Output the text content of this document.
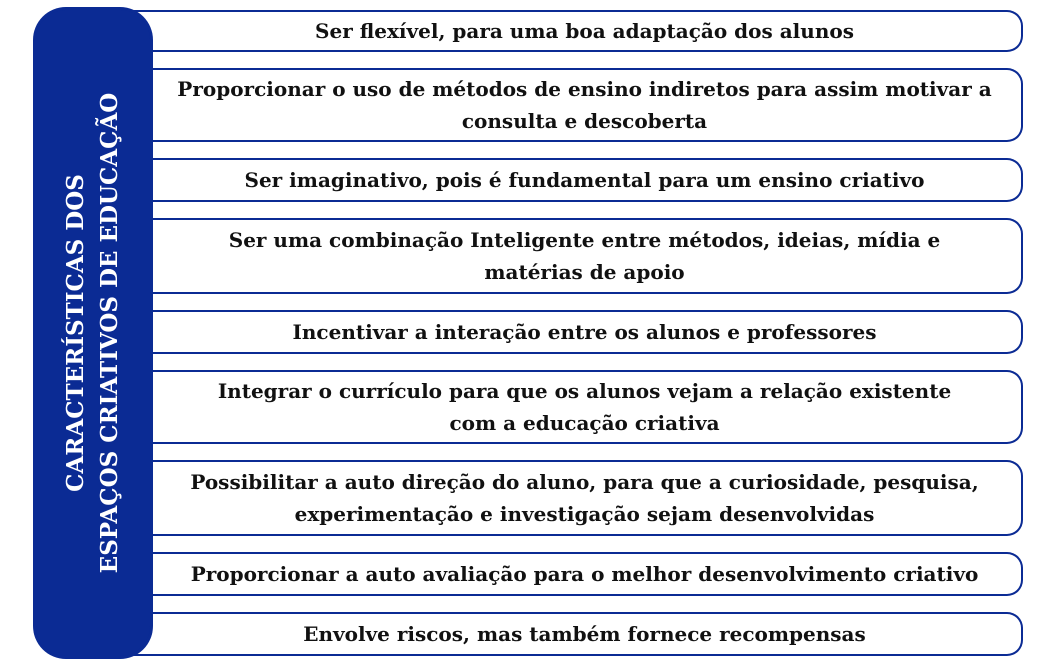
Ser flexível, para uma boa adaptação dos alunos
Proporcionar o uso de métodos de ensino indiretos para assim motivar a consulta e descoberta
Ser imaginativo, pois é fundamental para um ensino criativo
Ser uma combinação Inteligente entre métodos, ideias, mídia e matérias de apoio
Incentivar a interação entre os alunos e professores
Integrar o currículo para que os alunos vejam a relação existente com a educação criativa
Possibilitar a auto direção do aluno, para que a curiosidade, pesquisa, experimentação e investigação sejam desenvolvidas
Proporcionar a auto avaliação para o melhor desenvolvimento criativo
Envolve riscos, mas também fornece recompensas
CARACTERÍSTICAS DOS ESPAÇOS CRIATIVOS DE EDUCAÇÃO
